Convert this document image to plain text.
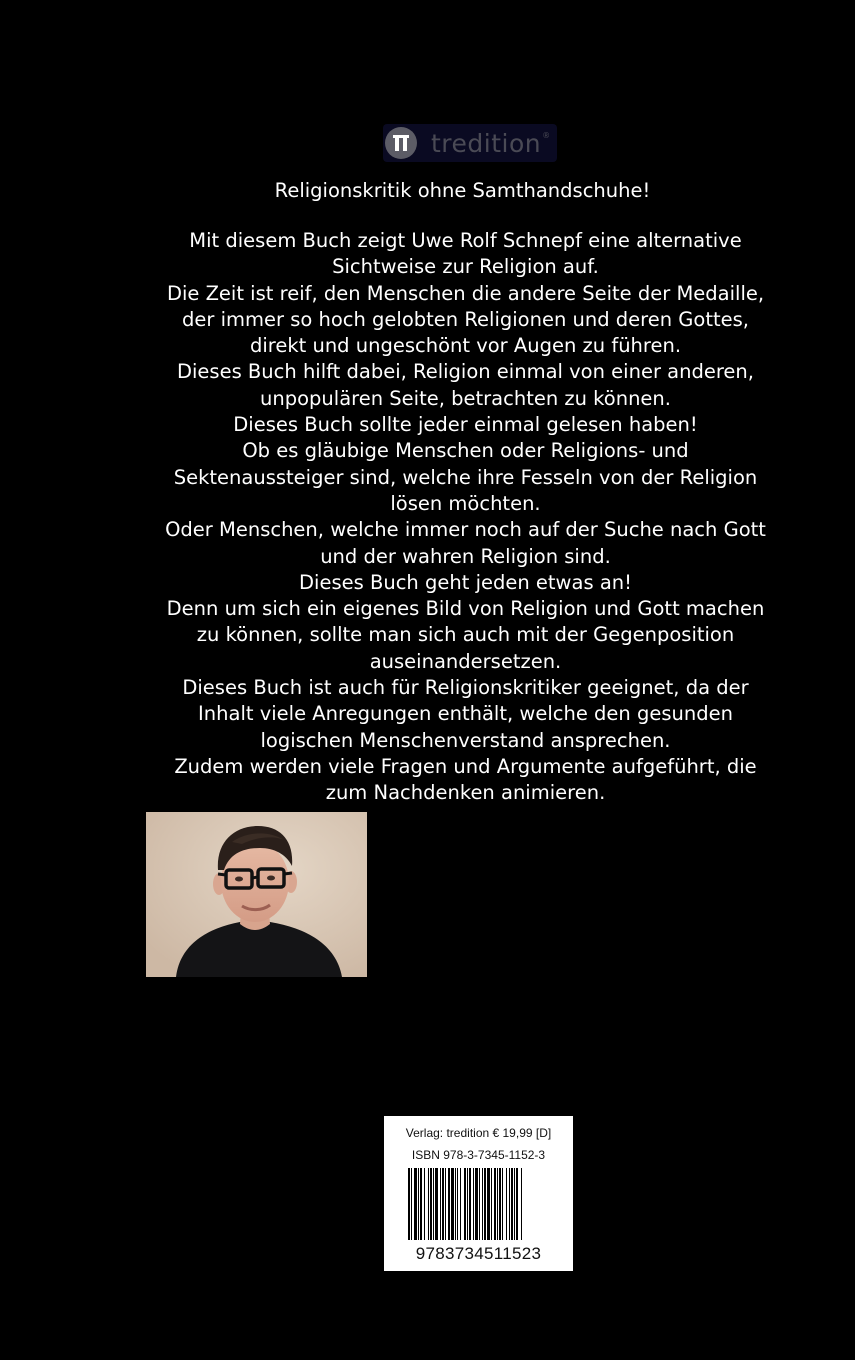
tredition ®
Religionskritik ohne Samthandschuhe!
Mit diesem Buch zeigt Uwe Rolf Schnepf eine alternative
Sichtweise zur Religion auf.
Die Zeit ist reif, den Menschen die andere Seite der Medaille,
der immer so hoch gelobten Religionen und deren Gottes,
direkt und ungeschönt vor Augen zu führen.
Dieses Buch hilft dabei, Religion einmal von einer anderen,
unpopulären Seite, betrachten zu können.
Dieses Buch sollte jeder einmal gelesen haben!
Ob es gläubige Menschen oder Religions- und
Sektenaussteiger sind, welche ihre Fesseln von der Religion
lösen möchten.
Oder Menschen, welche immer noch auf der Suche nach Gott
und der wahren Religion sind.
Dieses Buch geht jeden etwas an!
Denn um sich ein eigenes Bild von Religion und Gott machen
zu können, sollte man sich auch mit der Gegenposition
auseinandersetzen.
Dieses Buch ist auch für Religionskritiker geeignet, da der
Inhalt viele Anregungen enthält, welche den gesunden
logischen Menschenverstand ansprechen.
Zudem werden viele Fragen und Argumente aufgeführt, die
zum Nachdenken animieren.
Verlag: tredition € 19,99 [D]
ISBN 978-3-7345-1152-3
9783734511523
